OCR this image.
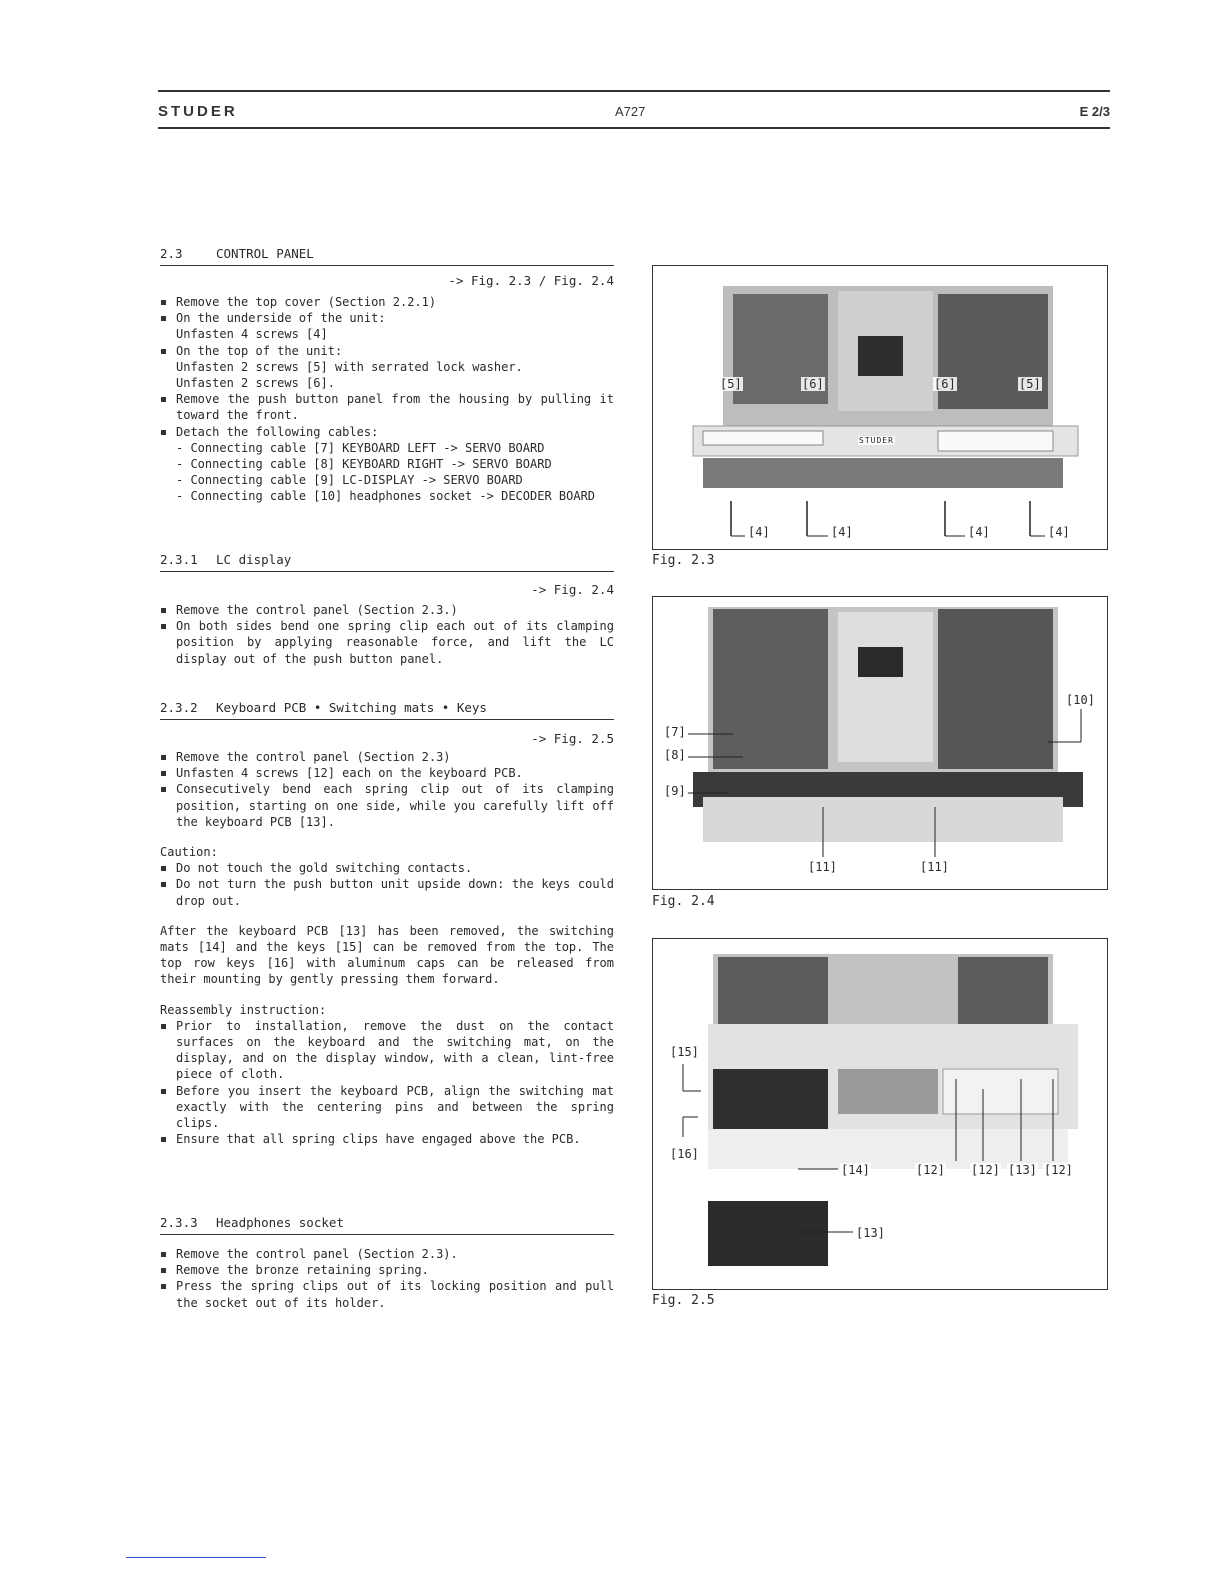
STUDER	A727	E 2/3
2.3	CONTROL PANEL
-> Fig. 2.3 / Fig. 2.4
Remove the top cover (Section 2.2.1)
On the underside of the unit:
Unfasten 4 screws [4]
On the top of the unit:
Unfasten 2 screws [5] with serrated lock washer.
Unfasten 2 screws [6].
Remove the push button panel from the housing by pulling it toward the front.
Detach the following cables:
- Connecting cable [7] KEYBOARD LEFT -> SERVO BOARD
- Connecting cable [8] KEYBOARD RIGHT -> SERVO BOARD
- Connecting cable [9] LC-DISPLAY -> SERVO BOARD
- Connecting cable [10] headphones socket -> DECODER BOARD
2.3.1 LC display
-> Fig. 2.4
Remove the control panel (Section 2.3.)
On both sides bend one spring clip each out of its clamping position by applying reasonable force, and lift the LC display out of the push button panel.
2.3.2 Keyboard PCB • Switching mats • Keys
-> Fig. 2.5
Remove the control panel (Section 2.3)
Unfasten 4 screws [12] each on the keyboard PCB.
Consecutively bend each spring clip out of its clamping position, starting on one side, while you carefully lift off the keyboard PCB [13].
Caution:
Do not touch the gold switching contacts.
Do not turn the push button unit upside down: the keys could drop out.
After the keyboard PCB [13] has been removed, the switching mats [14] and the keys [15] can be removed from the top. The top row keys [16] with aluminum caps can be released from their mounting by gently pressing them forward.
Reassembly instruction:
Prior to installation, remove the dust on the contact surfaces on the keyboard and the switching mat, on the display, and on the display window, with a clean, lint-free piece of cloth.
Before you insert the keyboard PCB, align the switching mat exactly with the centering pins and between the spring clips.
Ensure that all spring clips have engaged above the PCB.
2.3.3 Headphones socket
Remove the control panel (Section 2.3).
Remove the bronze retaining spring.
Press the spring clips out of its locking position and pull the socket out of its holder.
STUDER
[5]	[6]	[6]	[5]
[4]	[4]	[4]	[4]
Fig. 2.3
[7]
[8]
[9]
[10]
[11]	[11]
Fig. 2.4
[15]
[16]
[14]	[12] [12] [13] [12]
[13]
Fig. 2.5
